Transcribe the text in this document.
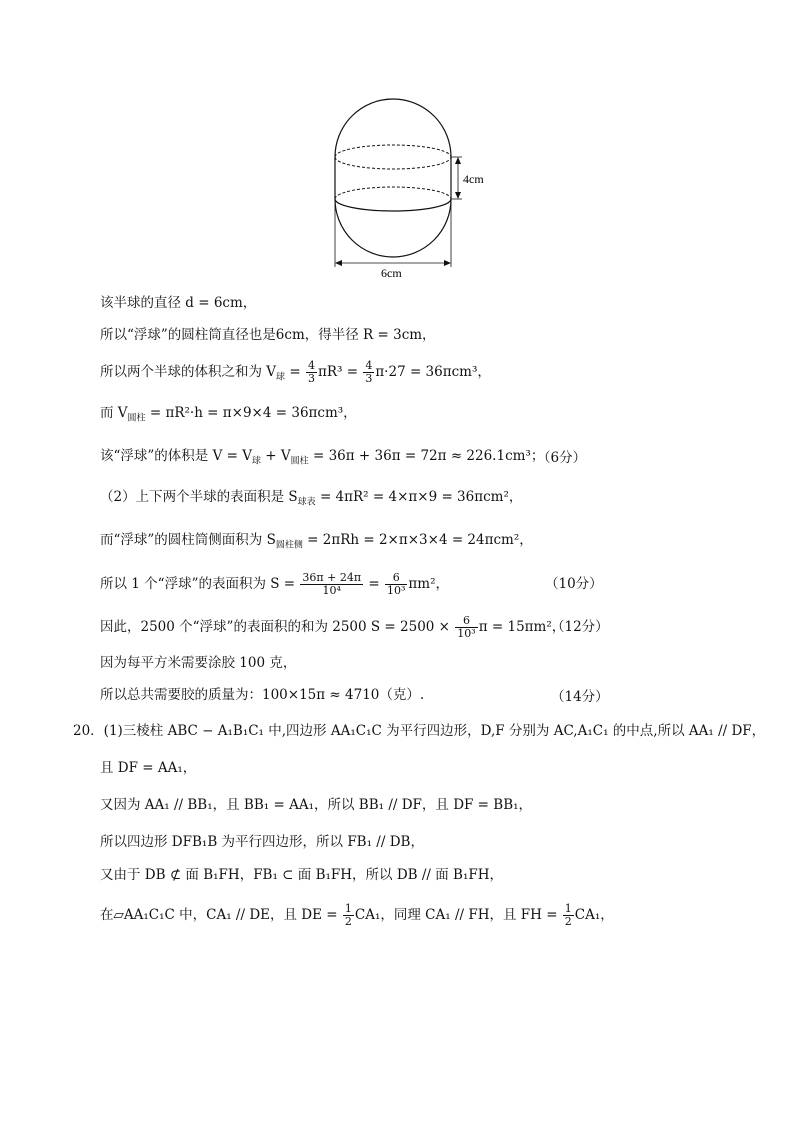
4cm
6cm
该半球的直径 d = 6cm，
所以“浮球”的圆柱筒直径也是6cm，得半径 R = 3cm，
所以两个半球的体积之和为 $V_球 = \frac{4}{3} \pi R^3 = \frac{4}{3} \pi\cdot 27 = 36\pi cm^3$，
而 $V_{圆柱} = \pi R^2\cdot h = \pi\times 9\times 4 = 36\pi cm^3$，
该“浮球”的体积是 $V = V_球 + V_{圆柱} = 36\pi + 36\pi = 72\pi \approx 226.1cm^3$；
（6分）
（2）上下两个半球的表面积是 $S_{球表} = 4\pi R^2 = 4\times\pi\times 9 = 36\pi cm^2$，
而“浮球”的圆柱筒侧面积为 $S_{圆柱侧} = 2\pi Rh = 2\times\pi\times 3\times 4 = 24\pi cm^2$，
所以 1 个“浮球”的表面积为 $S = \frac{36\pi + 24\pi}{\text{10⁴}} = \frac{6}{\text{10³}} \pi m^2$，	（10分）
因此，2500 个“浮球”的表面积的和为 2500 $S = 2500 \times \frac{6}{\text{10³}}$ π = 15πm²，
（12分）
因为每平方米需要涂胶 100 克，
所以总共需要胶的质量为：100×15π ≈ 4710（克）.	（14分）
20．(1)三棱柱 ABC − A₁B₁C₁ 中,四边形 AA₁C₁C 为平行四边形，D,F 分别为 AC,A₁C₁ 的中点,所以 AA₁ // DF，
且 DF = AA₁，
又因为 AA₁ // BB₁，且 BB₁ = AA₁，所以 BB₁ // DF，且 DF = BB₁，
所以四边形 DFB₁B 为平行四边形，所以 FB₁ // DB，
又由于 DB ⊄ 面 B₁FH，FB₁ ⊂ 面 B₁FH，所以 DB // 面 B₁FH，
在▱AA₁C₁C 中，CA₁ // DE，且 DE = $\frac{1}{2} CA_1$，同理 CA₁ // FH，且 FH = $\frac{1}{2} CA_1$，
